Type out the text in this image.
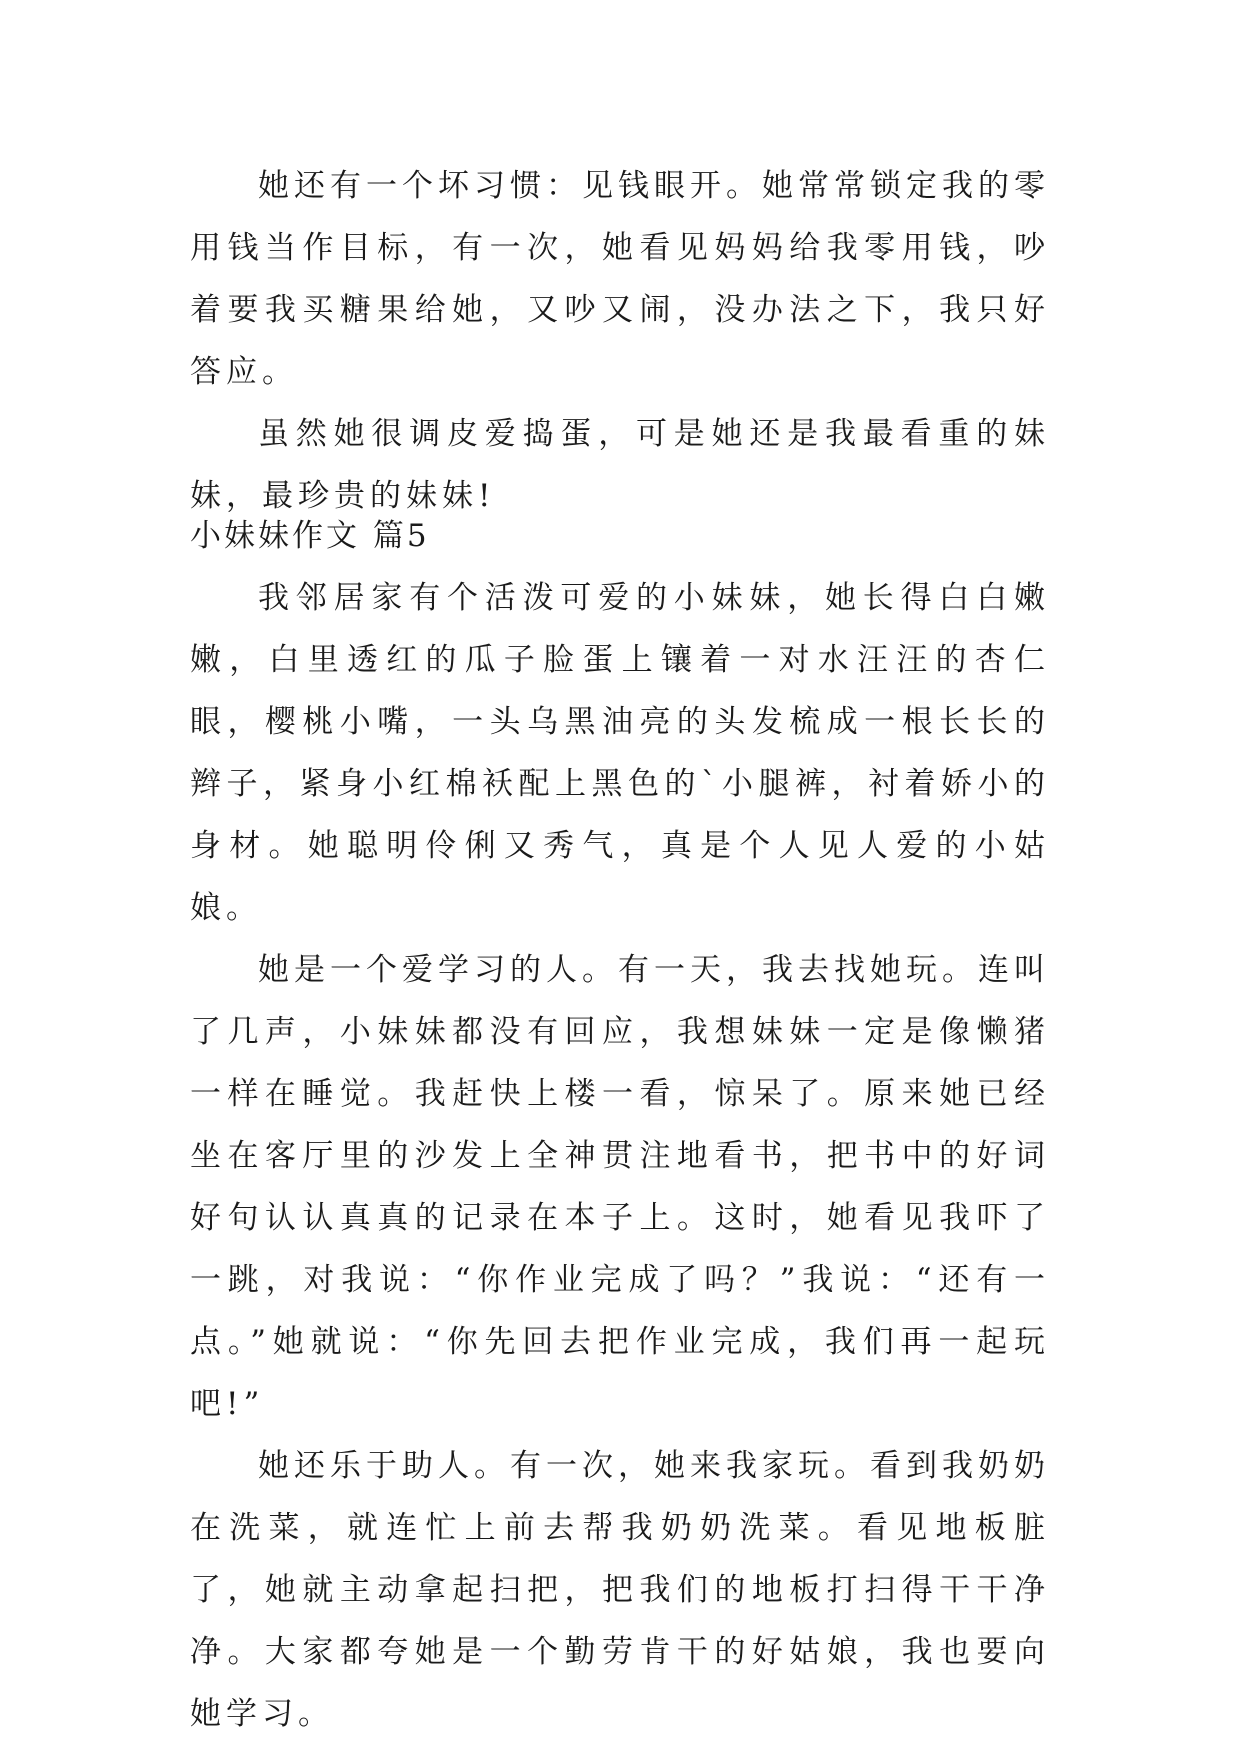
她还有一个坏习惯：见钱眼开。她常常锁定我的零用钱当作目标，有一次，她看见妈妈给我零用钱，吵着要我买糖果给她，又吵又闹，没办法之下，我只好答应。

虽然她很调皮爱捣蛋，可是她还是我最看重的妹妹，最珍贵的妹妹!

小妹妹作文 篇5

我邻居家有个活泼可爱的小妹妹，她长得白白嫩嫩，白里透红的瓜子脸蛋上镶着一对水汪汪的杏仁眼，樱桃小嘴，一头乌黑油亮的头发梳成一根长长的辫子，紧身小红棉袄配上黑色的`小腿裤，衬着娇小的身材。她聪明伶俐又秀气，真是个人见人爱的小姑娘。

她是一个爱学习的人。有一天，我去找她玩。连叫了几声，小妹妹都没有回应，我想妹妹一定是像懒猪一样在睡觉。我赶快上楼一看，惊呆了。原来她已经坐在客厅里的沙发上全神贯注地看书，把书中的好词好句认认真真的记录在本子上。这时，她看见我吓了一跳，对我说：“你作业完成了吗？”我说：“还有一点。”她就说：“你先回去把作业完成，我们再一起玩吧!”

她还乐于助人。有一次，她来我家玩。看到我奶奶在洗菜，就连忙上前去帮我奶奶洗菜。看见地板脏了，她就主动拿起扫把，把我们的地板打扫得干干净净。大家都夸她是一个勤劳肯干的好姑娘，我也要向她学习。
